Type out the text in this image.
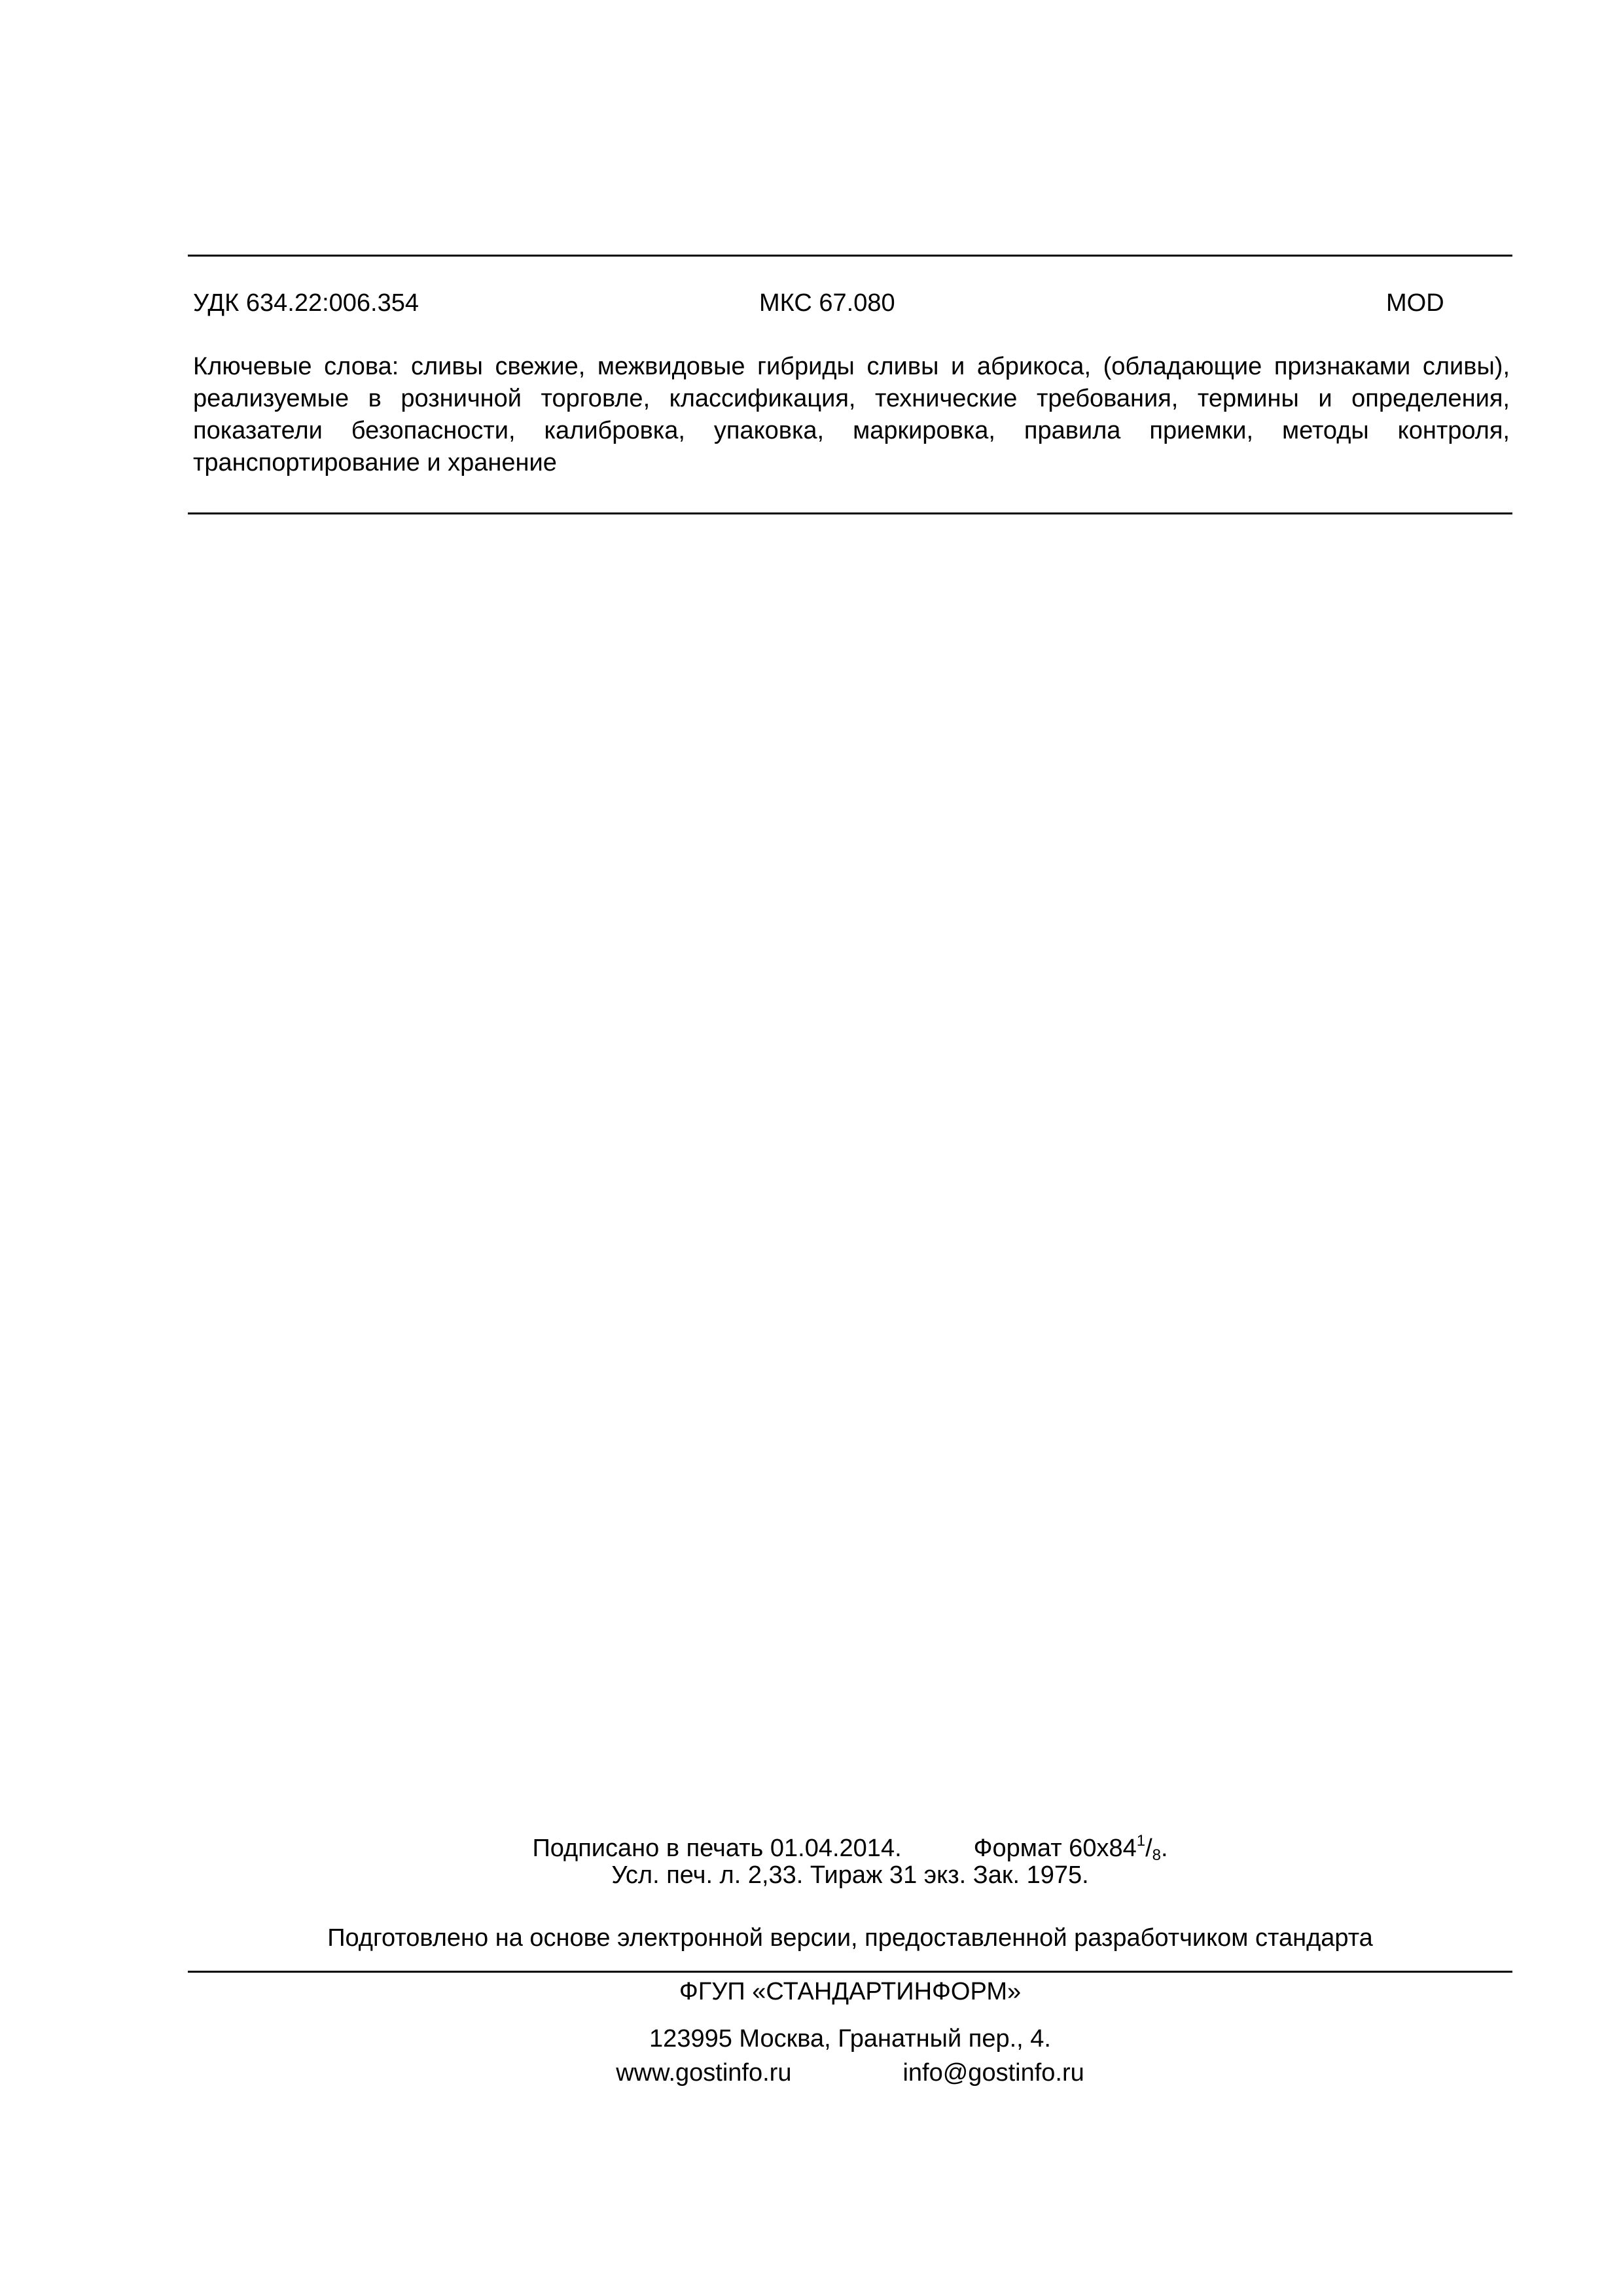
УДК 634.22:006.354	МКС 67.080	MOD
Ключевые слова: сливы свежие, межвидовые гибриды сливы и абрикоса, (обладающие признаками сливы), реализуемые в розничной торговле, классификация, технические требования, термины и определения, показатели безопасности, калибровка, упаковка, маркировка, правила приемки, методы контроля, транспортирование и хранение
Подписано в печать 01.04.2014.	Формат $60x84^1/_8$.
Усл. печ. л. 2,33. Тираж 31 экз. Зак. 1975.
Подготовлено на основе электронной версии, предоставленной разработчиком стандарта
ФГУП «СТАНДАРТИНФОРМ»
123995 Москва, Гранатный пер., 4.
www.gostinfo.ru	info@gostinfo.ru
